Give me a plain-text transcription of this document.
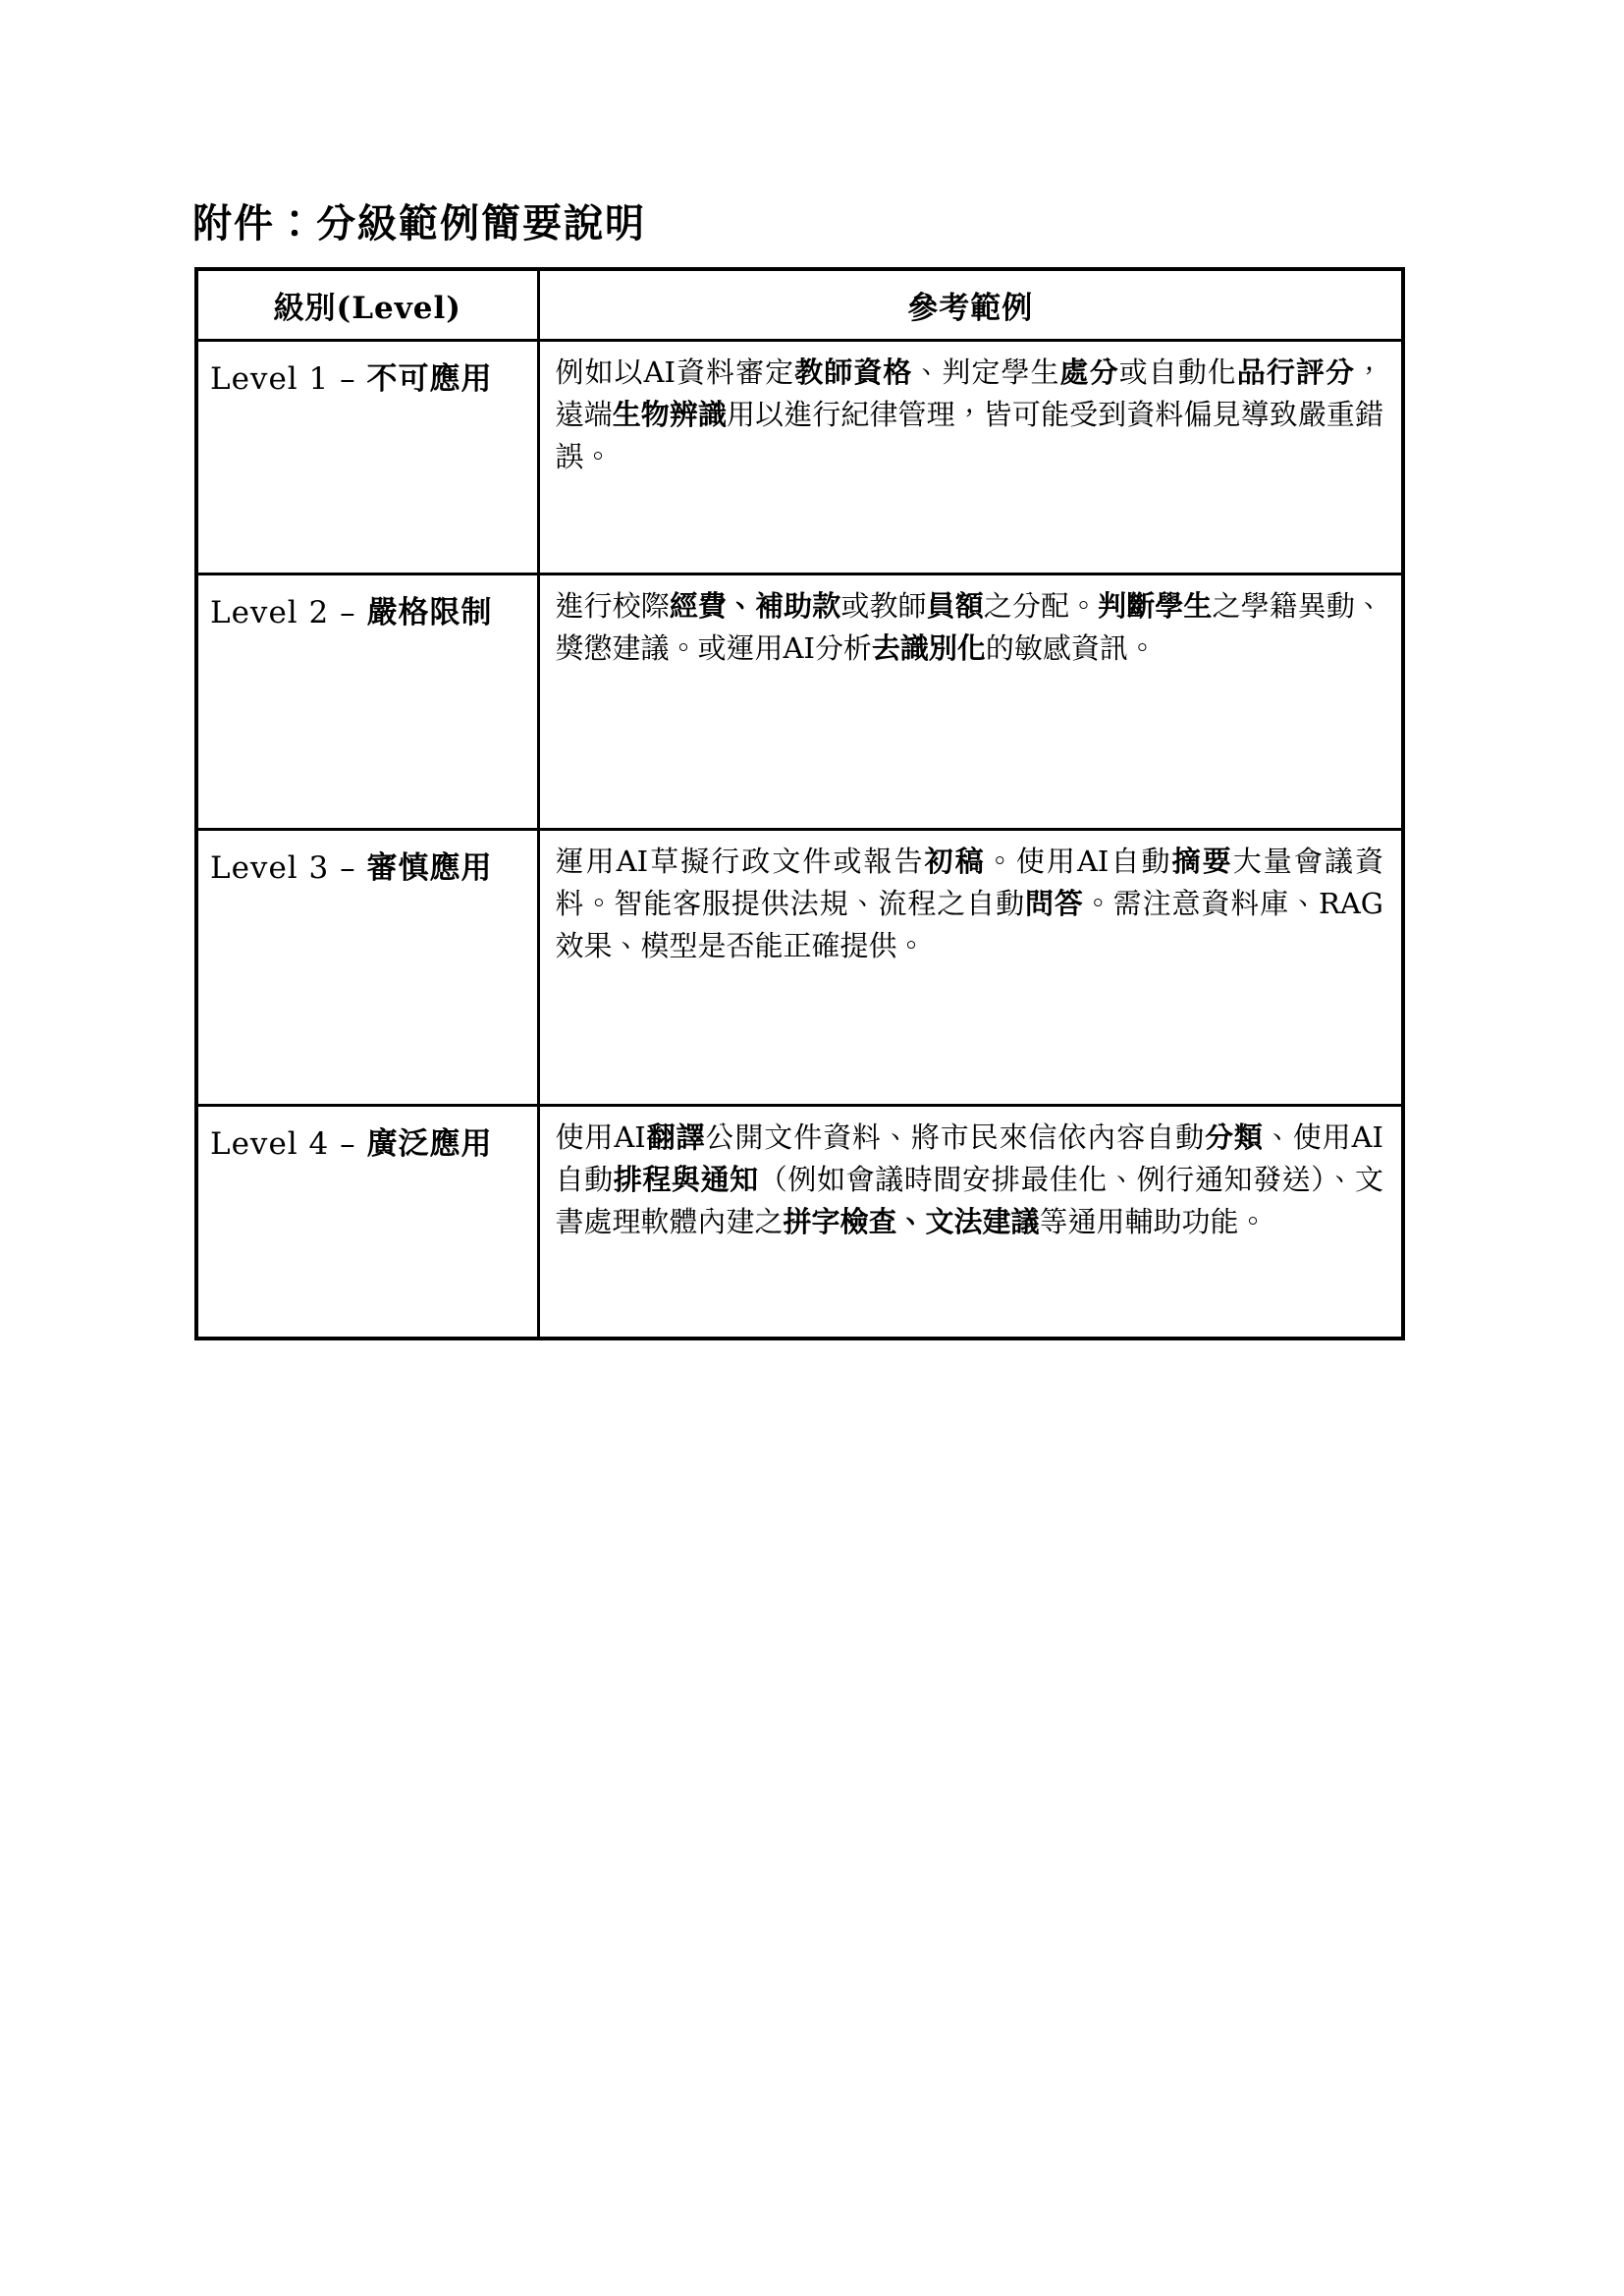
附件：分級範例簡要說明
級別(Level)	參考範例
Level 1 – 不可應用	例如以AI資料審定教師資格、判定學生處分或自動化品行評分，遠端生物辨識用以進行紀律管理，皆可能受到資料偏見導致嚴重錯誤。
Level 2 – 嚴格限制	進行校際經費、補助款或教師員額之分配。判斷學生之學籍異動、獎懲建議。或運用AI分析去識別化的敏感資訊。
Level 3 – 審慎應用	運用AI草擬行政文件或報告初稿。使用AI自動摘要大量會議資料。智能客服提供法規、流程之自動問答。需注意資料庫、RAG效果、模型是否能正確提供。
Level 4 – 廣泛應用	使用AI翻譯公開文件資料、將市民來信依內容自動分類、使用AI自動排程與通知（例如會議時間安排最佳化、例行通知發送）、文書處理軟體內建之拼字檢查、文法建議等通用輔助功能。
